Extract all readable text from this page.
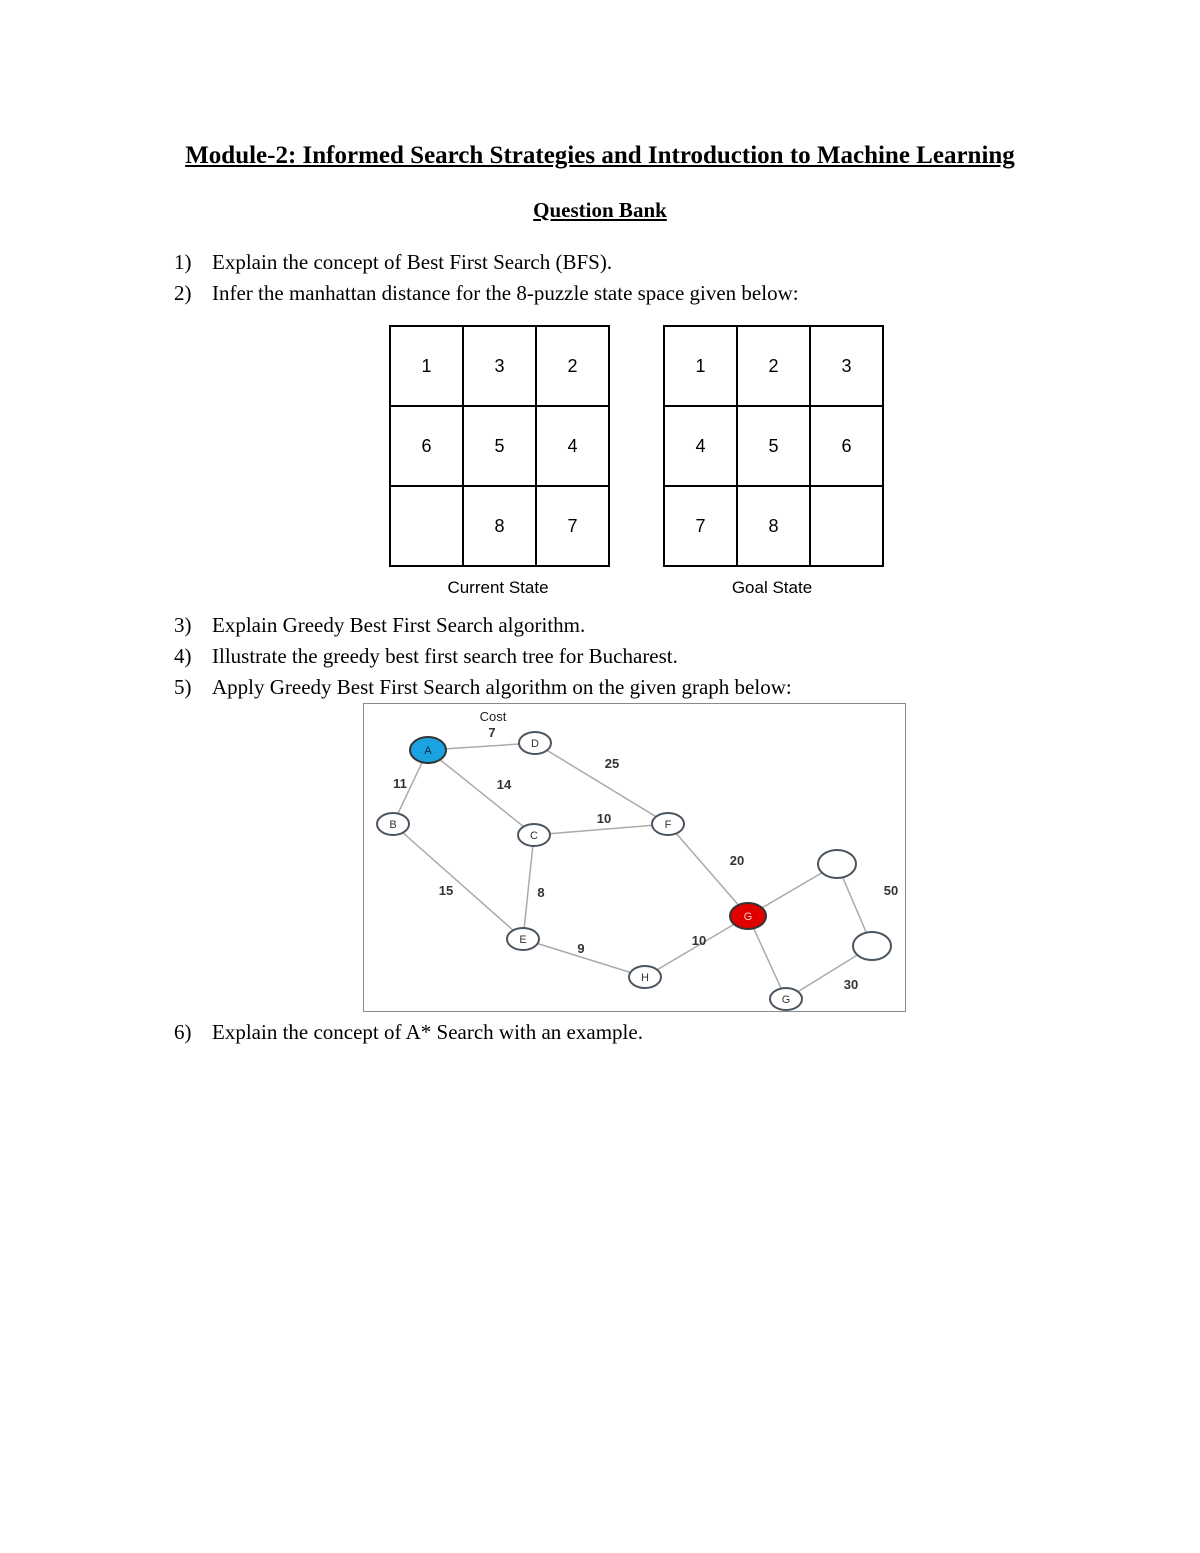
Module-2: Informed Search Strategies and Introduction to Machine Learning
Question Bank
1) Explain the concept of Best First Search (BFS).
2) Infer the manhattan distance for the 8-puzzle state space given below:
1	3	2
6	5	4
	8	7
Current State
1	2	3
4	5	6
7	8	
Goal State
3) Explain Greedy Best First Search algorithm.
4) Illustrate the greedy best first search tree for Bucharest.
5) Apply Greedy Best First Search algorithm on the given graph below:
7
11	14
25
10
15	8
20
9
10
50
30
A
D
B
C
F
E
H
G
G
Cost
6) Explain the concept of A* Search with an example.
